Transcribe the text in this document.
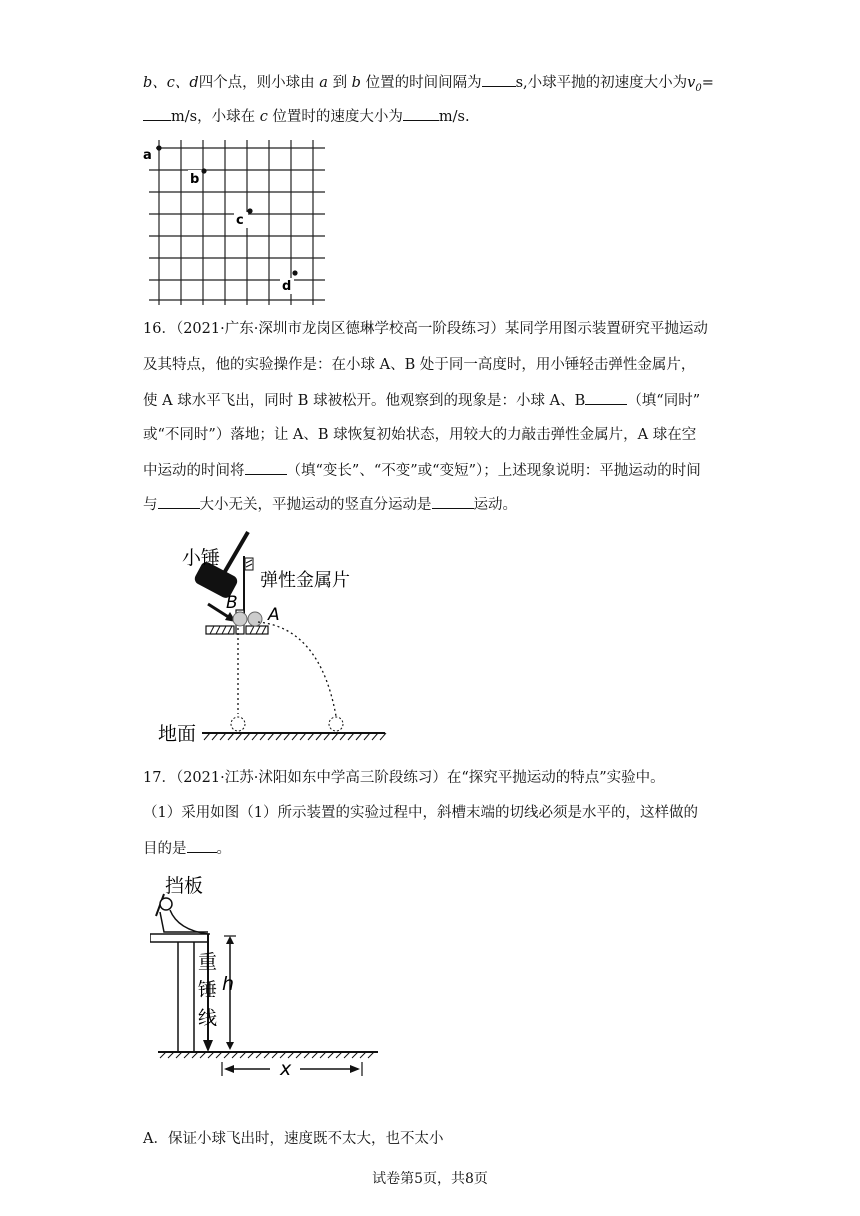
b、c、d四个点，则小球由 a 到 b 位置的时间间隔为 s,小球平抛的初速度大小为$v_0=$
m/s，小球在 c 位置时的速度大小为 m/s.
a
b
c
d
16．（2021·广东·深圳市龙岗区德琳学校高一阶段练习）某同学用图示装置研究平抛运动
及其特点，他的实验操作是：在小球 A、B 处于同一高度时，用小锤轻击弹性金属片，
使 A 球水平飞出，同时 B 球被松开。他观察到的现象是：小球 A、B	（填“同时”
或“不同时”）落地；让 A、B 球恢复初始状态，用较大的力敲击弹性金属片，A 球在空
中运动的时间将	（填“变长”、“不变”或“变短”）；上述现象说明：平抛运动的时间
与	大小无关，平抛运动的竖直分运动是	运动。
小锤
弹性金属片
B
A
地面
17．（2021·江苏·沭阳如东中学高三阶段练习）在“探究平抛运动的特点”实验中。
（1）采用如图（1）所示装置的实验过程中，斜槽末端的切线必须是水平的，这样做的
目的是 。
挡板
重
锤
线
h
x
A．保证小球飞出时，速度既不太大，也不太小
试卷第5页，共8页
